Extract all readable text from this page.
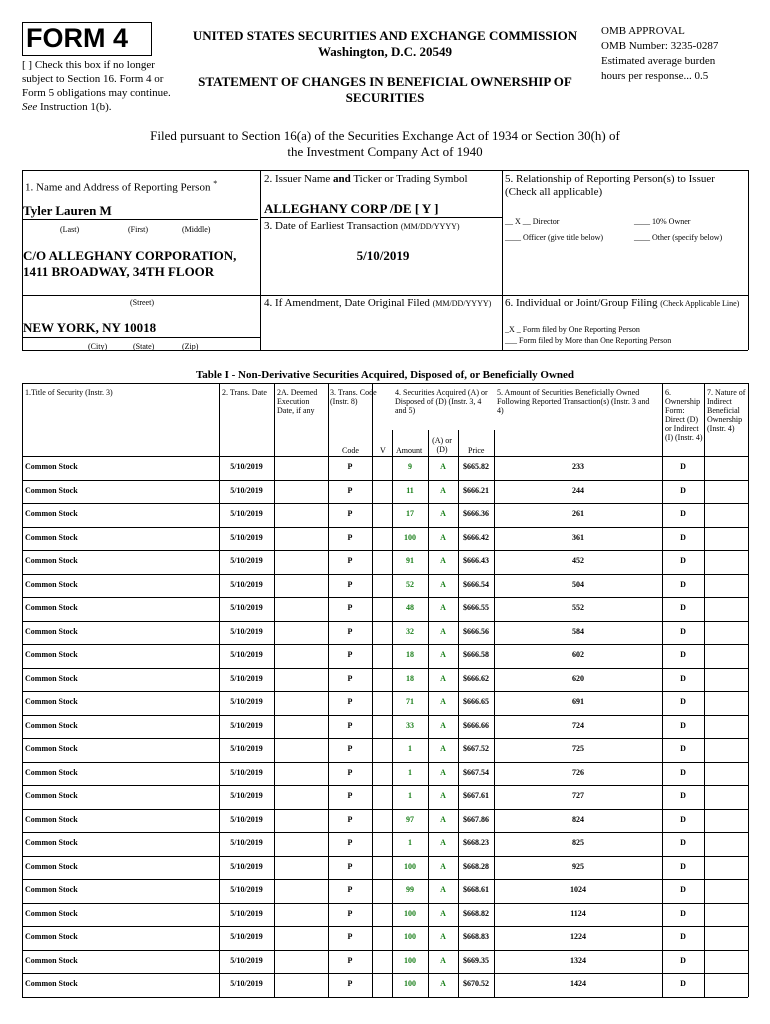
FORM 4
[ ] Check this box if no longer subject to Section 16. Form 4 or Form 5 obligations may continue. See Instruction 1(b).
UNITED STATES SECURITIES AND EXCHANGE COMMISSION
Washington, D.C. 20549
STATEMENT OF CHANGES IN BENEFICIAL OWNERSHIP OF SECURITIES
OMB APPROVAL
OMB Number: 3235-0287
Estimated average burden
hours per response... 0.5
Filed pursuant to Section 16(a) of the Securities Exchange Act of 1934 or Section 30(h) of the Investment Company Act of 1940
1. Name and Address of Reporting Person *
Tyler Lauren M
(Last)	(First)	(Middle)
C/O ALLEGHANY CORPORATION, 1411 BROADWAY, 34TH FLOOR
(Street)
NEW YORK, NY 10018
(City)	(State)	(Zip)
2. Issuer Name and Ticker or Trading Symbol
ALLEGHANY CORP /DE [ Y ]
3. Date of Earliest Transaction (MM/DD/YYYY)
5/10/2019
4. If Amendment, Date Original Filed (MM/DD/YYYY)
5. Relationship of Reporting Person(s) to Issuer (Check all applicable)
__ X __ Director	____ 10% Owner
____ Officer (give title below)	____ Other (specify below)
6. Individual or Joint/Group Filing (Check Applicable Line)
_X _ Form filed by One Reporting Person
___ Form filed by More than One Reporting Person
Table I - Non-Derivative Securities Acquired, Disposed of, or Beneficially Owned
1.Title of Security (Instr. 3)	2. Trans. Date	2A. Deemed Execution Date, if any
3. Trans. Code (Instr. 8)
4. Securities Acquired (A) or Disposed of (D) (Instr. 3, 4 and 5)
5. Amount of Securities Beneficially Owned Following Reported Transaction(s) (Instr. 3 and 4)
6. Ownership Form: Direct (D) or Indirect (I) (Instr. 4)
7. Nature of Indirect Beneficial Ownership (Instr. 4)
Code	V Amount
(A) or (D)	Price
Common Stock	5/10/2019	P	9	A	$665.82	233	D
Common Stock	5/10/2019	P	11	A	$666.21	244	D
Common Stock	5/10/2019	P	17	A	$666.36	261	D
Common Stock	5/10/2019	P	100	A	$666.42	361	D
Common Stock	5/10/2019	P	91	A	$666.43	452	D
Common Stock	5/10/2019	P	52	A	$666.54	504	D
Common Stock	5/10/2019	P	48	A	$666.55	552	D
Common Stock	5/10/2019	P	32	A	$666.56	584	D
Common Stock	5/10/2019	P	18	A	$666.58	602	D
Common Stock	5/10/2019	P	18	A	$666.62	620	D
Common Stock	5/10/2019	P	71	A	$666.65	691	D
Common Stock	5/10/2019	P	33	A	$666.66	724	D
Common Stock	5/10/2019	P	1	A	$667.52	725	D
Common Stock	5/10/2019	P	1	A	$667.54	726	D
Common Stock	5/10/2019	P	1	A	$667.61	727	D
Common Stock	5/10/2019	P	97	A	$667.86	824	D
Common Stock	5/10/2019	P	1	A	$668.23	825	D
Common Stock	5/10/2019	P	100	A	$668.28	925	D
Common Stock	5/10/2019	P	99	A	$668.61	1024	D
Common Stock	5/10/2019	P	100	A	$668.82	1124	D
Common Stock	5/10/2019	P	100	A	$668.83	1224	D
Common Stock	5/10/2019	P	100	A	$669.35	1324	D
Common Stock	5/10/2019	P	100	A	$670.52	1424	D
